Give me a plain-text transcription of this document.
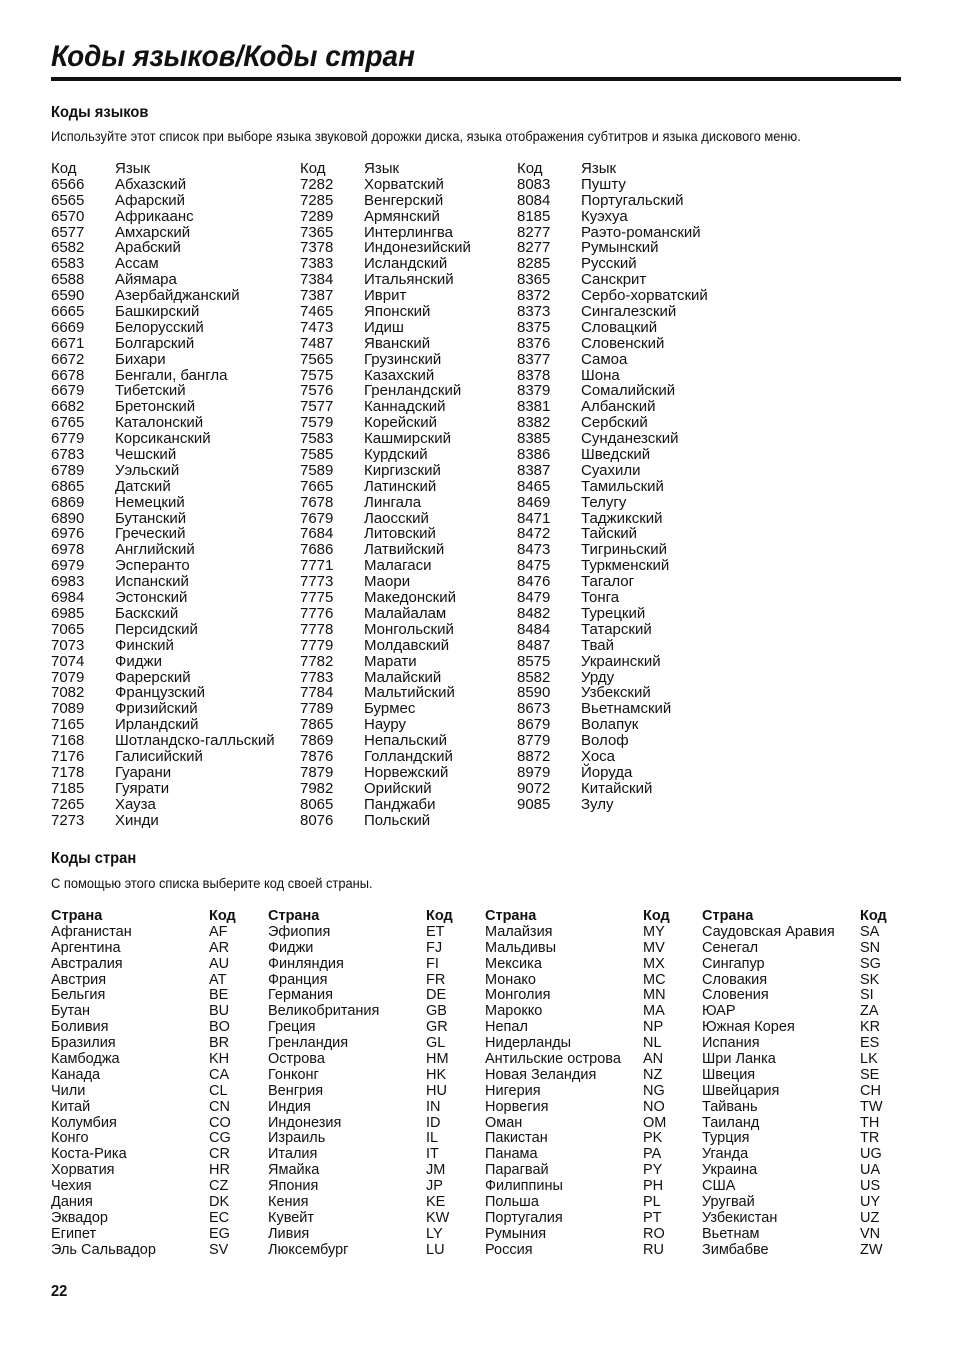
Коды языков/Коды стран
Коды языков

Используйте этот список при выборе языка звуковой дорожки диска, языка отображения субтитров и языка дискового меню.

Код	Язык
6566 Абхазский
6565 Афарский
6570 Африкаанс
6577 Амхарский
6582 Арабский
6583 Ассам
6588 Айямара
6590 Азербайджанский
6665 Башкирский
6669 Белорусский
6671 Болгарский
6672 Бихари
6678 Бенгали, бангла
6679 Тибетский
6682 Бретонский
6765 Каталонский
6779 Корсиканский
6783 Чешский
6789 Уэльский
6865 Датский
6869 Немецкий
6890 Бутанский
6976 Греческий
6978 Английский
6979 Эсперанто
6983 Испанский
6984 Эстонский
6985 Баскский
7065 Персидский
7073 Финский
7074 Фиджи
7079 Фарерский
7082 Французский
7089 Фризийский
7165 Ирландский
7168 Шотландско-галльский
7176 Галисийский
7178 Гуарани
7185 Гуярати
7265 Хауза
7273 Хинди
Код	Язык
7282 Хорватский
7285 Венгерский
7289 Армянский
7365 Интерлингва
7378 Индонезийский
7383 Исландский
7384 Итальянский
7387 Иврит
7465 Японский
7473 Идиш
7487 Яванский
7565 Грузинский
7575 Казахский
7576 Гренландский
7577 Каннадский
7579 Корейский
7583 Кашмирский
7585 Курдский
7589 Киргизский
7665 Латинский
7678 Лингала
7679 Лаосский
7684 Литовский
7686 Латвийский
7771 Малагаси
7773 Маори
7775 Македонский
7776 Малайалам
7778 Монгольский
7779 Молдавский
7782 Марати
7783 Малайский
7784 Мальтийский
7789 Бурмес
7865 Науру
7869 Непальский
7876 Голландский
7879 Норвежский
7982 Орийский
8065 Панджаби
8076 Польский
Код	Язык
8083 Пушту
8084 Португальский
8185 Куэхуа
8277 Раэто-романский
8277 Румынский
8285 Русский
8365 Санскрит
8372 Сербо-хорватский
8373 Сингалезский
8375 Словацкий
8376 Словенский
8377 Самоа
8378 Шона
8379 Сомалийский
8381 Албанский
8382 Сербский
8385 Сунданезский
8386 Шведский
8387 Суахили
8465 Тамильский
8469 Телугу
8471 Таджикский
8472 Тайский
8473 Тигриньский
8475 Туркменский
8476 Тагалог
8479 Тонга
8482 Турецкий
8484 Татарский
8487 Твай
8575 Украинский
8582 Урду
8590 Узбекский
8673 Вьетнамский
8679 Волапук
8779 Волоф
8872 Хоса
8979 Йоруда
9072 Китайский
9085 Зулу
Коды стран

С помощью этого списка выберите код своей страны.

Страна	Код
Афганистан	AF
Аргентина	AR
Австралия	AU
Австрия	AT
Бельгия	BE
Бутан	BU
Боливия	BO
Бразилия	BR
Камбоджа	KH
Канада	CA
Чили	CL
Китай	CN
Колумбия	CO
Конго	CG
Коста-Рика	CR
Хорватия	HR
Чехия	CZ
Дания	DK
Эквадор	EC
Египет	EG
Эль Сальвадор	SV
Страна	Код
Эфиопия	ET
Фиджи	FJ
Финляндия	FI
Франция	FR
Германия	DE
Великобритания	GB
Греция	GR
Гренландия	GL
Острова	HM
Гонконг	HK
Венгрия	HU
Индия	IN
Индонезия	ID
Израиль	IL
Италия	IT
Ямайка	JM
Япония	JP
Кения	KE
Кувейт	KW
Ливия	LY
Люксембург	LU
Страна	Код
Малайзия	MY
Мальдивы	MV
Мексика	MX
Монако	MC
Монголия	MN
Марокко	MA
Непал	NP
Нидерланды	NL
Антильские острова AN
Новая Зеландия	NZ
Нигерия	NG
Норвегия	NO
Оман	OM
Пакистан	PK
Панама	PA
Парагвай	PY
Филиппины	PH
Польша	PL
Португалия	PT
Румыния	RO
Россия	RU
Страна	Код
Саудовская Аравия SA
Сенегал	SN
Сингапур	SG
Словакия	SK
Словения	SI
ЮАР	ZA
Южная Корея	KR
Испания	ES
Шри Ланка	LK
Швеция	SE
Швейцария	CH
Тайвань	TW
Таиланд	TH
Турция	TR
Уганда	UG
Украина	UA
США	US
Уругвай	UY
Узбекистан	UZ
Вьетнам	VN
Зимбабве	ZW
22
